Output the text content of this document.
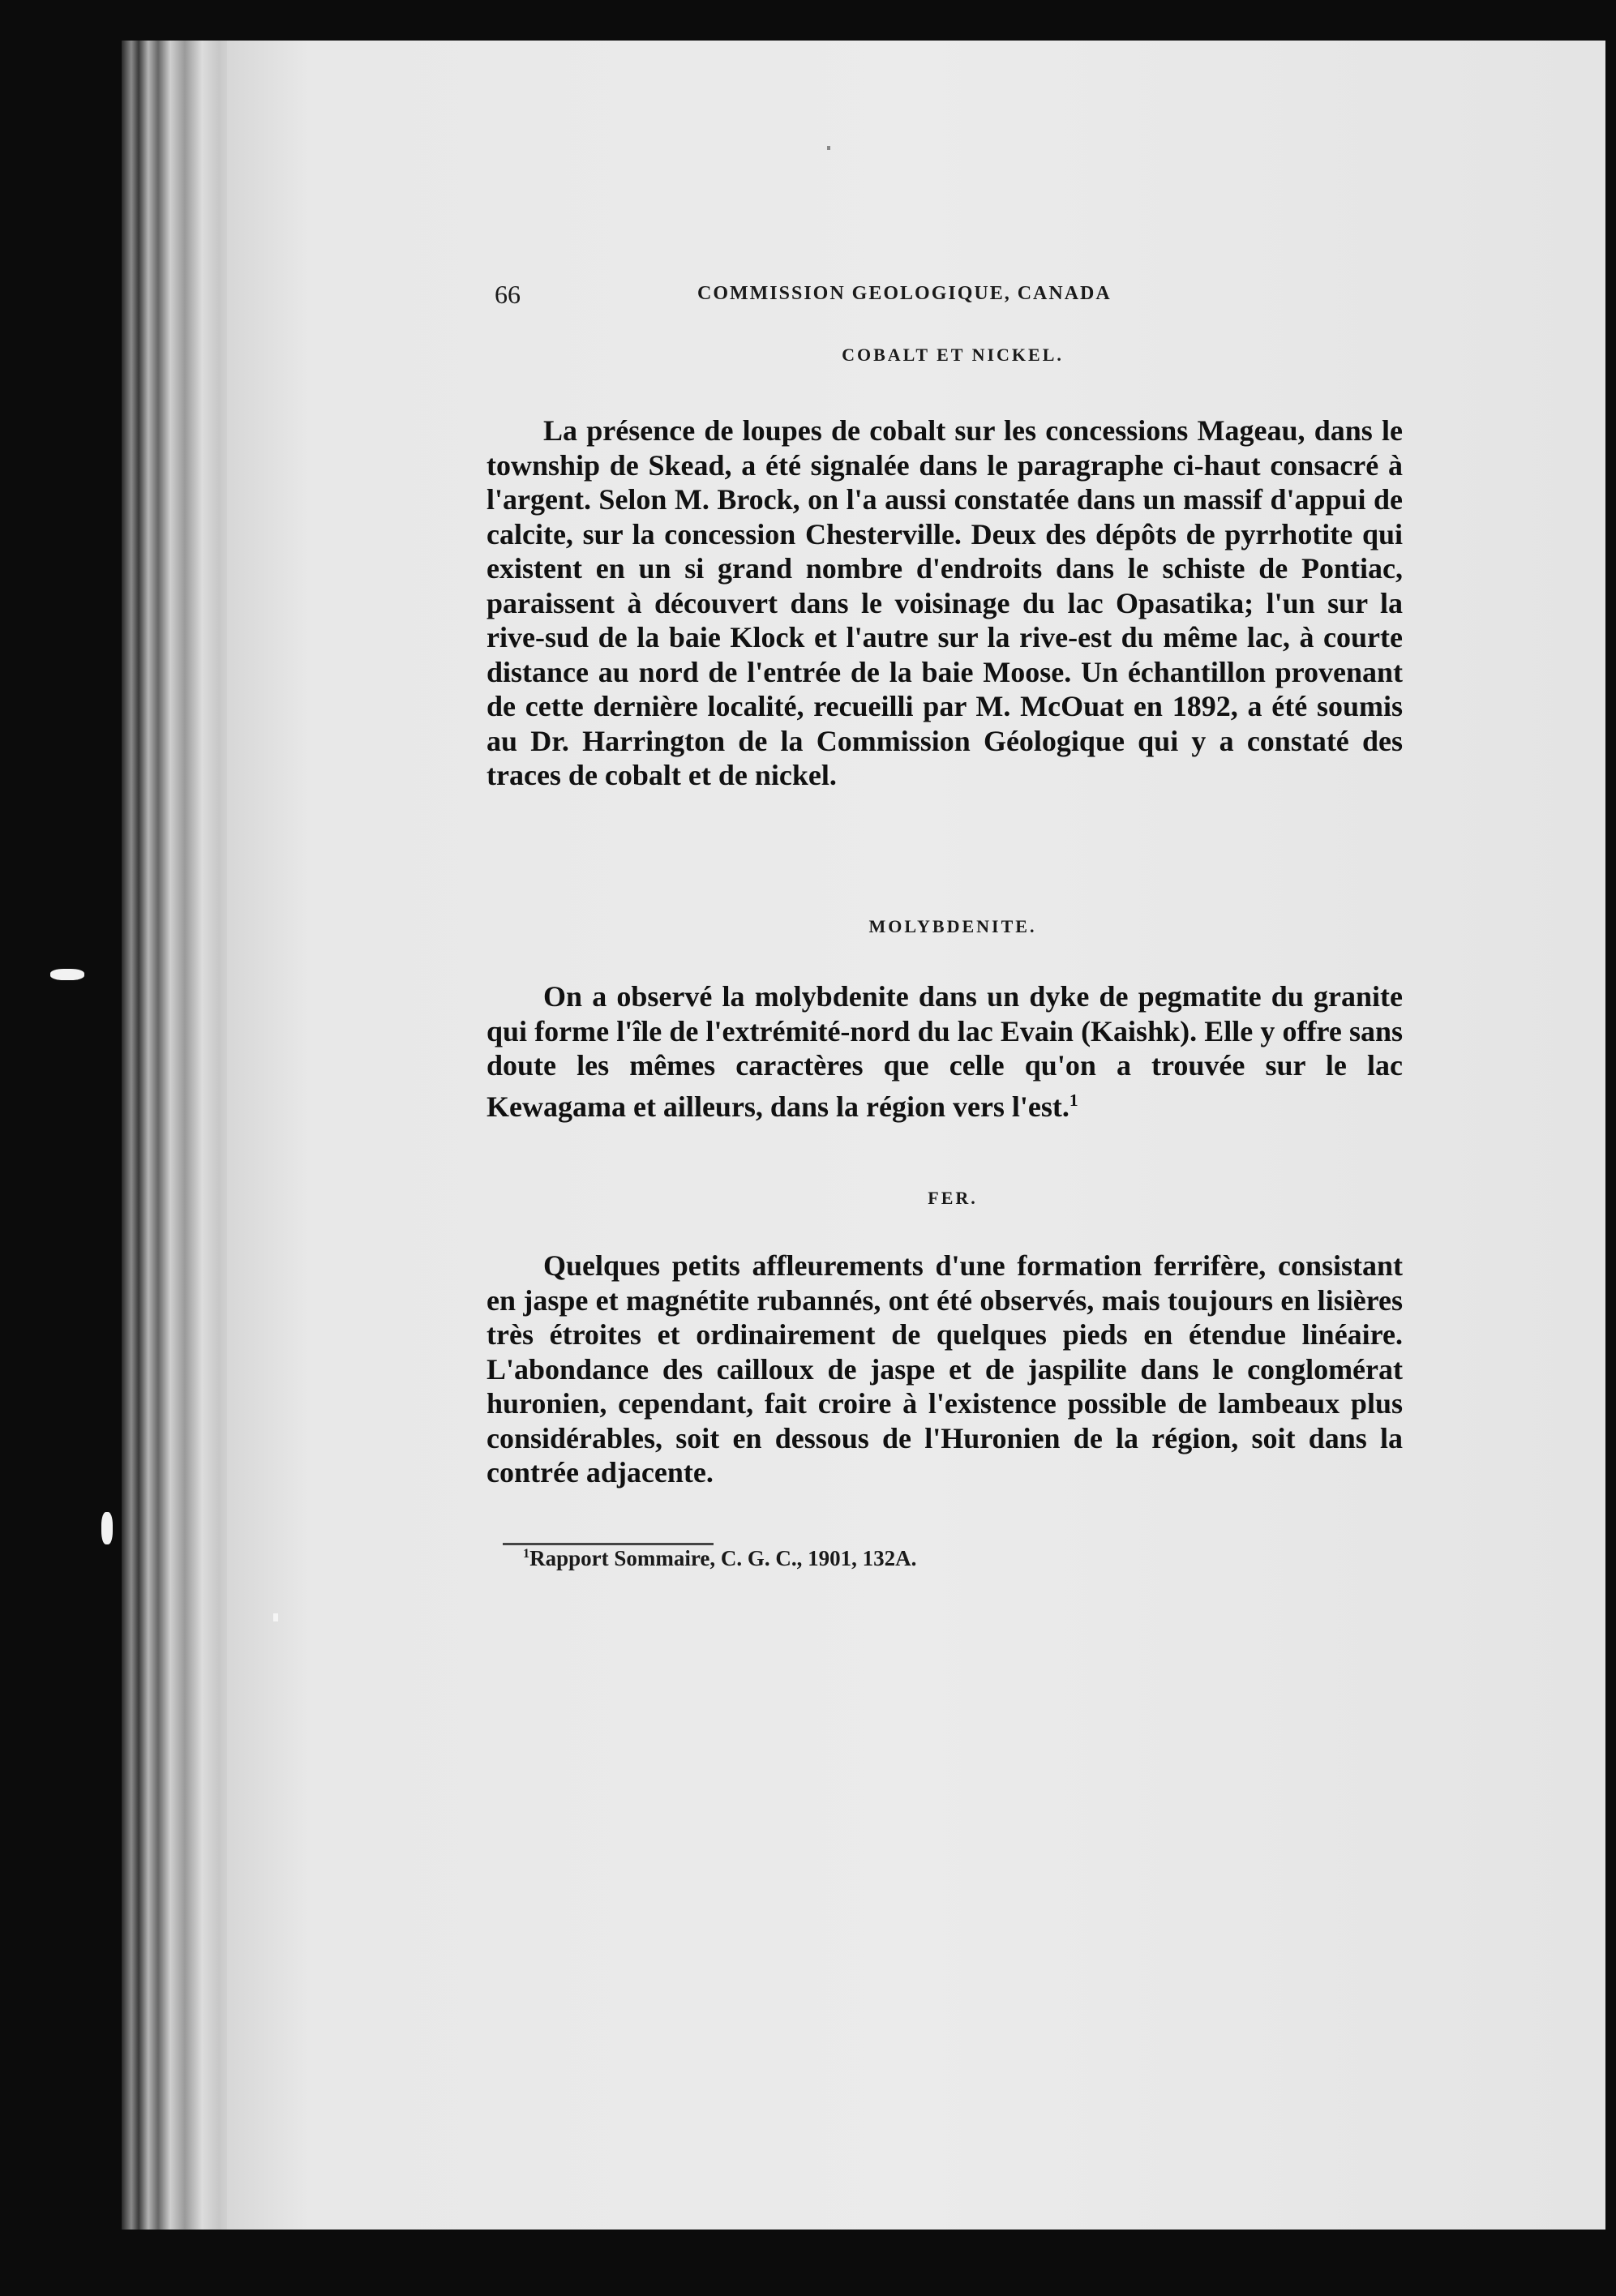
66	COMMISSION GEOLOGIQUE, CANADA
COBALT ET NICKEL.

La présence de loupes de cobalt sur les concessions Mageau, dans le township de Skead, a été signalée dans le paragraphe ci-haut consacré à l'argent. Selon M. Brock, on l'a aussi constatée dans un massif d'appui de calcite, sur la concession Chesterville. Deux des dépôts de pyrrhotite qui existent en un si grand nombre d'endroits dans le schiste de Pontiac, paraissent à découvert dans le voisinage du lac Opasatika; l'un sur la rive-sud de la baie Klock et l'autre sur la rive-est du même lac, à courte distance au nord de l'entrée de la baie Moose. Un échantillon provenant de cette dernière localité, recueilli par M. McOuat en 1892, a été soumis au Dr. Harrington de la Commission Géologique qui y a constaté des traces de cobalt et de nickel.

MOLYBDENITE.

On a observé la molybdenite dans un dyke de pegmatite du granite qui forme l'île de l'extrémité-nord du lac Evain (Kaishk). Elle y offre sans doute les mêmes caractères que celle qu'on a trouvée sur le lac Kewagama et ailleurs, dans la région vers l'est.$^1$

FER.

Quelques petits affleurements d'une formation ferrifère, consistant en jaspe et magnétite rubannés, ont été observés, mais toujours en lisières très étroites et ordinairement de quelques pieds en étendue linéaire. L'abondance des cailloux de jaspe et de jaspilite dans le conglomérat huronien, cependant, fait croire à l'existence possible de lambeaux plus considérables, soit en dessous de l'Huronien de la région, soit dans la contrée adjacente.

$^1$Rapport Sommaire, C. G. C., 1901, 132A.
